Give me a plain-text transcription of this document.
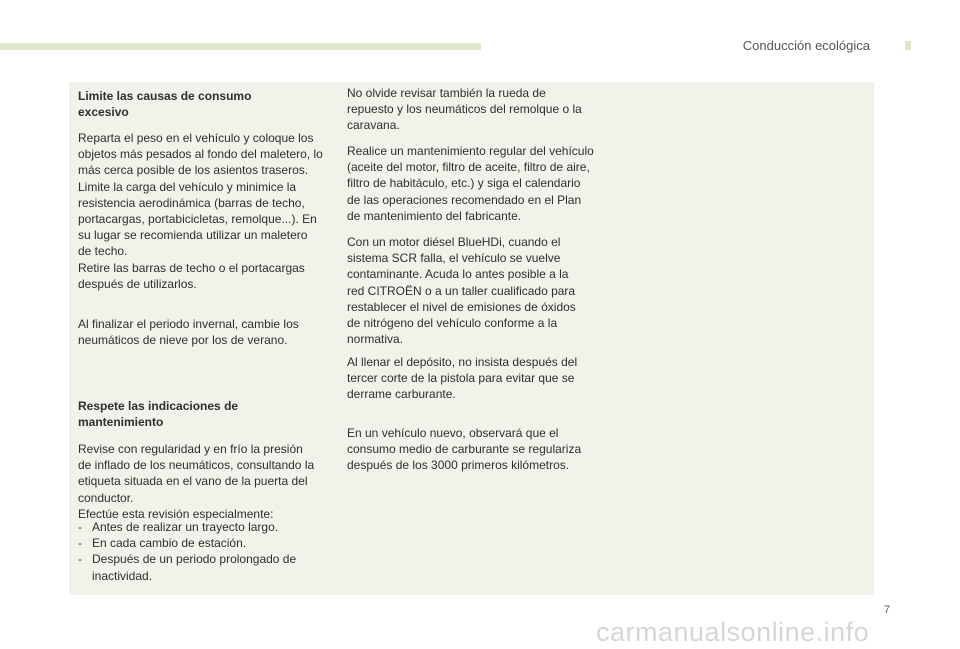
Conducción ecológica
Limite las causas de consumo
excesivo

Reparta el peso en el vehículo y coloque los
objetos más pesados al fondo del maletero, lo
más cerca posible de los asientos traseros.
Limite la carga del vehículo y minimice la
resistencia aerodinámica (barras de techo,
portacargas, portabicicletas, remolque...). En
su lugar se recomienda utilizar un maletero
de techo.
Retire las barras de techo o el portacargas
después de utilizarlos.

Al finalizar el periodo invernal, cambie los
neumáticos de nieve por los de verano.

Respete las indicaciones de
mantenimiento

Revise con regularidad y en frío la presión
de inflado de los neumáticos, consultando la
etiqueta situada en el vano de la puerta del
conductor.
Efectúe esta revisión especialmente:

- Antes de realizar un trayecto largo.
- En cada cambio de estación.
- Después de un periodo prolongado de
inactividad.

No olvide revisar también la rueda de
repuesto y los neumáticos del remolque o la
caravana.

Realice un mantenimiento regular del vehículo
(aceite del motor, filtro de aceite, filtro de aire,
filtro de habitáculo, etc.) y siga el calendario
de las operaciones recomendado en el Plan
de mantenimiento del fabricante.

Con un motor diésel BlueHDi, cuando el
sistema SCR falla, el vehículo se vuelve
contaminante. Acuda lo antes posible a la
red CITROËN o a un taller cualificado para
restablecer el nivel de emisiones de óxidos
de nitrógeno del vehículo conforme a la
normativa.

Al llenar el depósito, no insista después del
tercer corte de la pistola para evitar que se
derrame carburante.

En un vehículo nuevo, observará que el
consumo medio de carburante se regulariza
después de los 3000 primeros kilómetros.

7
carmanualsonline.info
